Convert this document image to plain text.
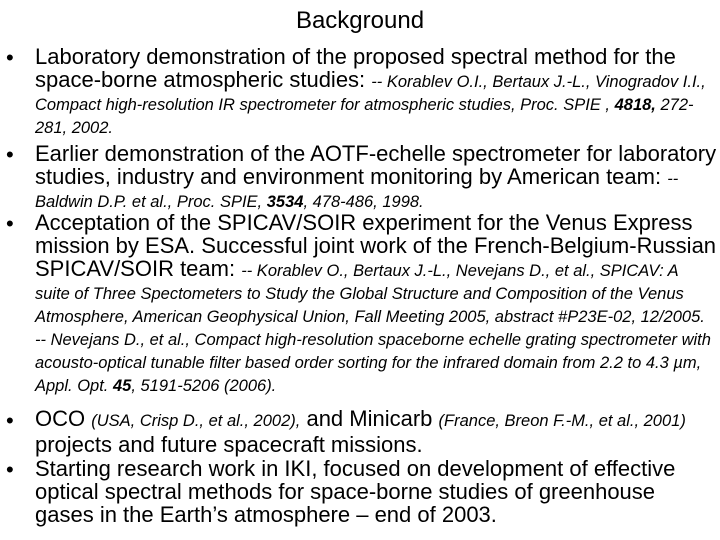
Background
• Laboratory demonstration of the proposed spectral method for the space-borne atmospheric studies: -- Korablev O.I., Bertaux J.-L., Vinogradov I.I., Compact high-resolution IR spectrometer for atmospheric studies, Proc. SPIE , 4818, 272-281, 2002.
• Earlier demonstration of the AOTF-echelle spectrometer for laboratory studies, industry and environment monitoring by American team: -- Baldwin D.P. et al., Proc. SPIE, 3534, 478-486, 1998.
• Acceptation of the SPICAV/SOIR experiment for the Venus Express mission by ESA. Successful joint work of the French-Belgium-Russian SPICAV/SOIR team: -- Korablev O., Bertaux J.-L., Nevejans D., et al., SPICAV: A suite of Three Spectometers to Study the Global Structure and Composition of the Venus Atmosphere, American Geophysical Union, Fall Meeting 2005, abstract #P23E-02, 12/2005.
-- Nevejans D., et al., Compact high-resolution spaceborne echelle grating spectrometer with acousto-optical tunable filter based order sorting for the infrared domain from 2.2 to 4.3 µm, Appl. Opt. 45, 5191-5206 (2006).
• OCO (USA, Crisp D., et al., 2002), and Minicarb (France, Breon F.-M., et al., 2001) projects and future spacecraft missions.
• Starting research work in IKI, focused on development of effective optical spectral methods for space-borne studies of greenhouse gases in the Earth’s atmosphere – end of 2003.
